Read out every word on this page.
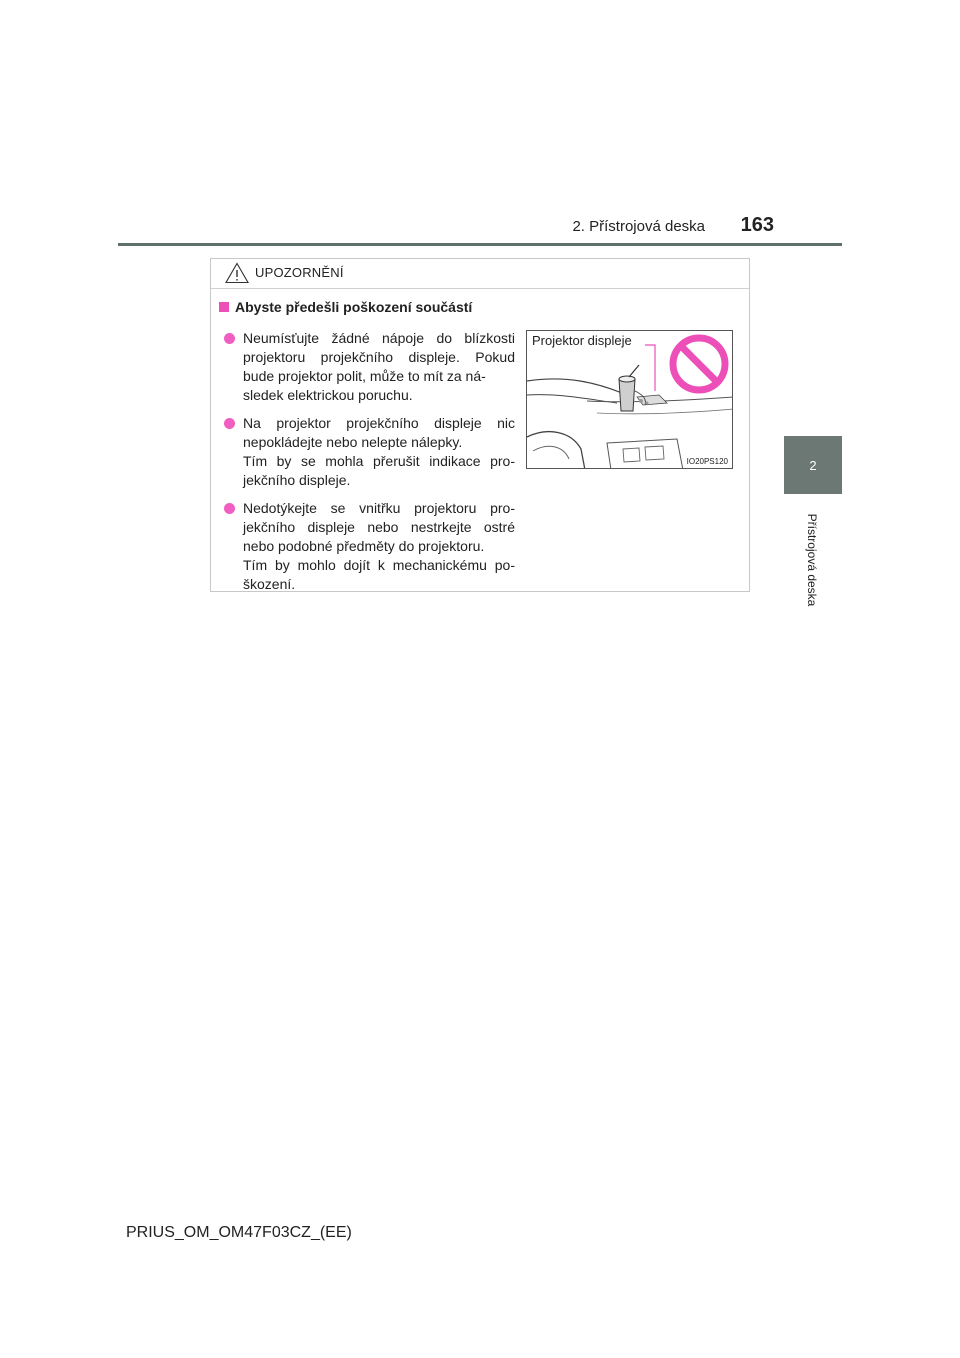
2. Přístrojová deska	163
2
Přístrojová deska
UPOZORNĚNÍ
Abyste předešli poškození součástí
Neumísťujte žádné nápoje do blízkosti projektoru projekčního displeje. Pokud bude projektor polit, může to mít za ná-
sledek elektrickou poruchu.
Na projektor projekčního displeje nic nepokládejte nebo nelepte nálepky.
Tím by se mohla přerušit indikace pro-jekčního displeje.
Nedotýkejte se vnitřku projektoru pro-jekčního displeje nebo nestrkejte ostré nebo podobné předměty do projektoru.
Tím by mohlo dojít k mechanickému po-škození.
Projektor displeje
IO20PS120
PRIUS_OM_OM47F03CZ_(EE)
